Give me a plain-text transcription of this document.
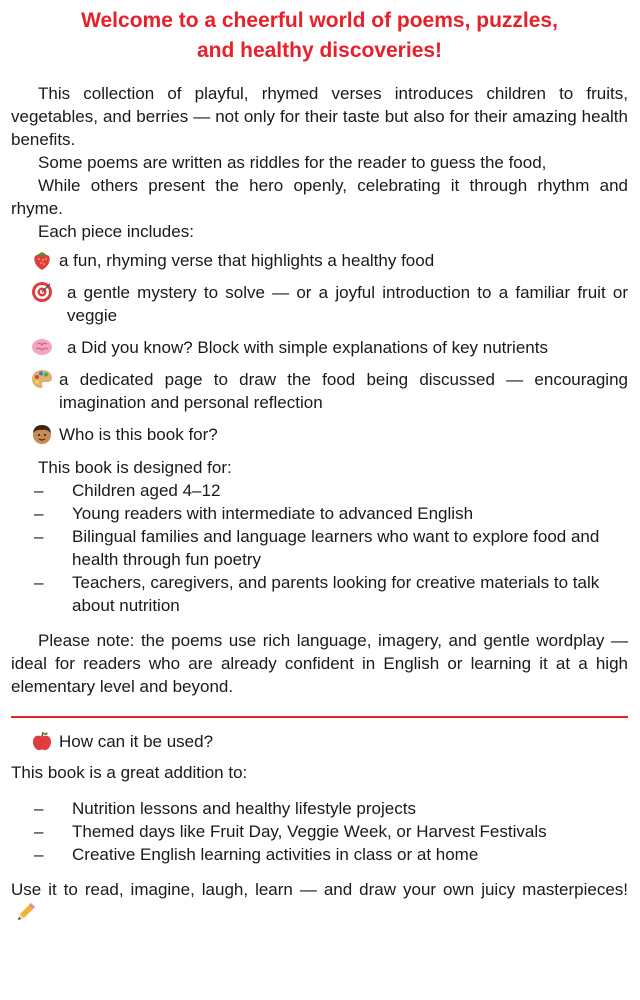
Welcome to a cheerful world of poems, puzzles,
and healthy discoveries!

This collection of playful, rhymed verses introduces children to fruits, vegetables, and berries — not only for their taste but also for their amazing health benefits.

Some poems are written as riddles for the reader to guess the food,

While others present the hero openly, celebrating it through rhythm and rhyme.

Each piece includes:

a fun, rhyming verse that highlights a healthy food
a gentle mystery to solve — or a joyful introduction to a familiar fruit or veggie
a Did you know? Block with simple explanations of key nutrients
a dedicated page to draw the food being discussed — encouraging imagination and personal reflection
Who is this book for?

This book is designed for:

–	Children aged 4–12
–	Young readers with intermediate to advanced English
–	Bilingual families and language learners who want to explore food and health through fun poetry
–	Teachers, caregivers, and parents looking for creative materials to talk about nutrition

Please note: the poems use rich language, imagery, and gentle wordplay — ideal for readers who are already confident in English or learning it at a high elementary level and beyond.

How can it be used?

This book is a great addition to:

–	Nutrition lessons and healthy lifestyle projects
–	Themed days like Fruit Day, Veggie Week, or Harvest Festivals
–	Creative English learning activities in class or at home

Use it to read, imagine, laugh, learn — and draw your own juicy masterpieces!
